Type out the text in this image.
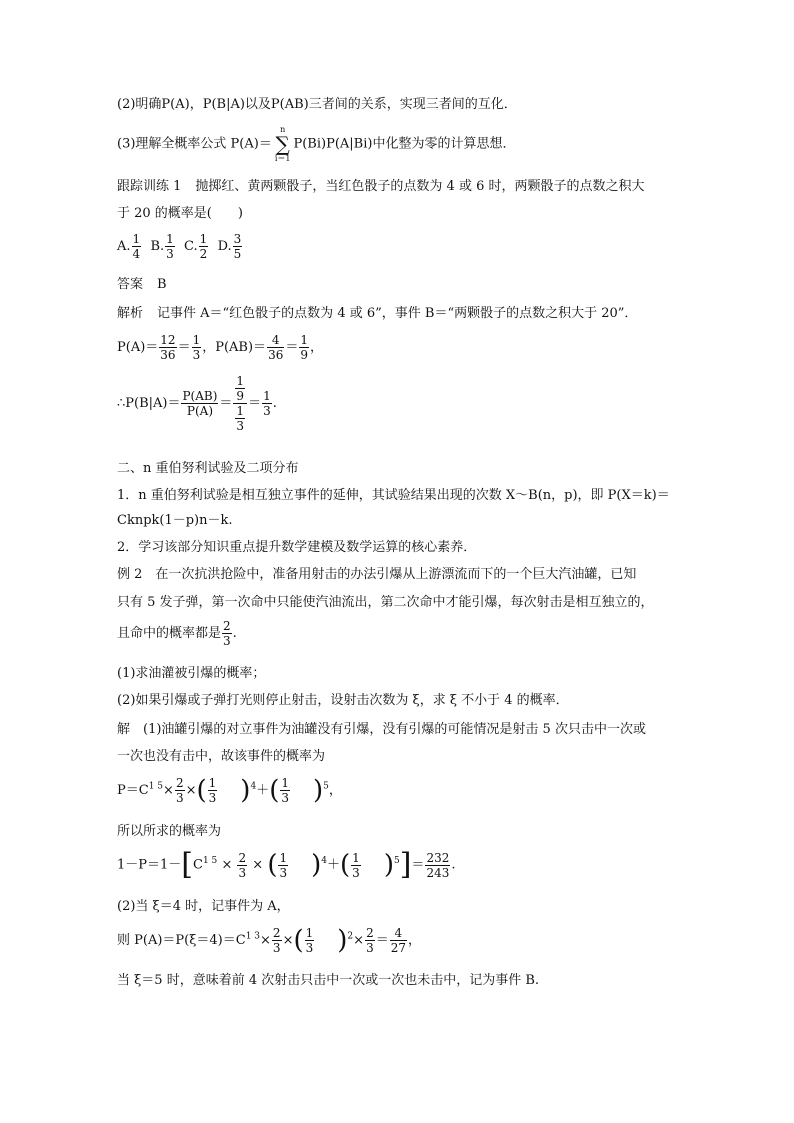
(2)明确P(A)，P(B|A)以及P(AB)三者间的关系，实现三者间的互化．
(3)理解全概率公式 P(A)＝n
∑
i＝1P(Bi)P(A|Bi)中化整为零的计算思想．
跟踪训练 1 抛掷红、黄两颗骰子，当红色骰子的点数为 4 或 6 时，两颗骰子的点数之积大
于 20 的概率是(　　)
A. $\frac{1}{4} B$. $\frac{1}{3} C$. $\frac{1}{2} D$. $\frac{3}{5}$
答案 B
解析 记事件 A＝“红色骰子的点数为 4 或 6”，事件 B＝“两颗骰子的点数之积大于 20”．
$P(A)= \frac{12}{36} = \frac{1}{3}$ ，$P(AB)= \frac{4}{36} = \frac{1}{9}$ ，
∴P(B|A)＝ $\frac{P(AB)}{P(A)} = \frac{\frac{1}{9}}{\frac{1}{3}} = \frac{1}{3}$ .
二、n 重伯努利试验及二项分布
1．n 重伯努利试验是相互独立事件的延伸，其试验结果出现的次数 X～B(n，p)，即 P(X＝k)＝
Cknpk(1－p)n－k.
2．学习该部分知识重点提升数学建模及数学运算的核心素养．
例 2　在一次抗洪抢险中，准备用射击的办法引爆从上游漂流而下的一个巨大汽油罐，已知
只有 5 发子弹，第一次命中只能使汽油流出，第二次命中才能引爆，每次射击是相互独立的，
且命中的概率都是 $\frac{2}{3}$ .
(1)求油灌被引爆的概率；
(2)如果引爆或子弹打光则停止射击，设射击次数为 ξ，求 ξ 不小于 4 的概率．
解　(1)油罐引爆的对立事件为油罐没有引爆，没有引爆的可能情况是射击 5 次只击中一次或
一次也没有击中，故该事件的概率为
$P=C^{1 5}\times \frac{2}{3}$ ×( $\frac{1}{3} )^4+( \frac{1}{3} )^5$，
所以所求的概率为
$1-P=1-[C^{1 5} \times \frac{2}{3}$ × ( $\frac{1}{3} )^4+( \frac{1}{3} )^5]= \frac{232}{243}$ .
(2)当 ξ＝4 时，记事件为 A，
则 $P(A)=P(\xi=4)=C^{1 3}\times \frac{2}{3}$ ×( $\frac{1}{3} )^2\times \frac{2}{3} = \frac{4}{27}$ ，
当 ξ＝5 时，意味着前 4 次射击只击中一次或一次也未击中，记为事件 B.
